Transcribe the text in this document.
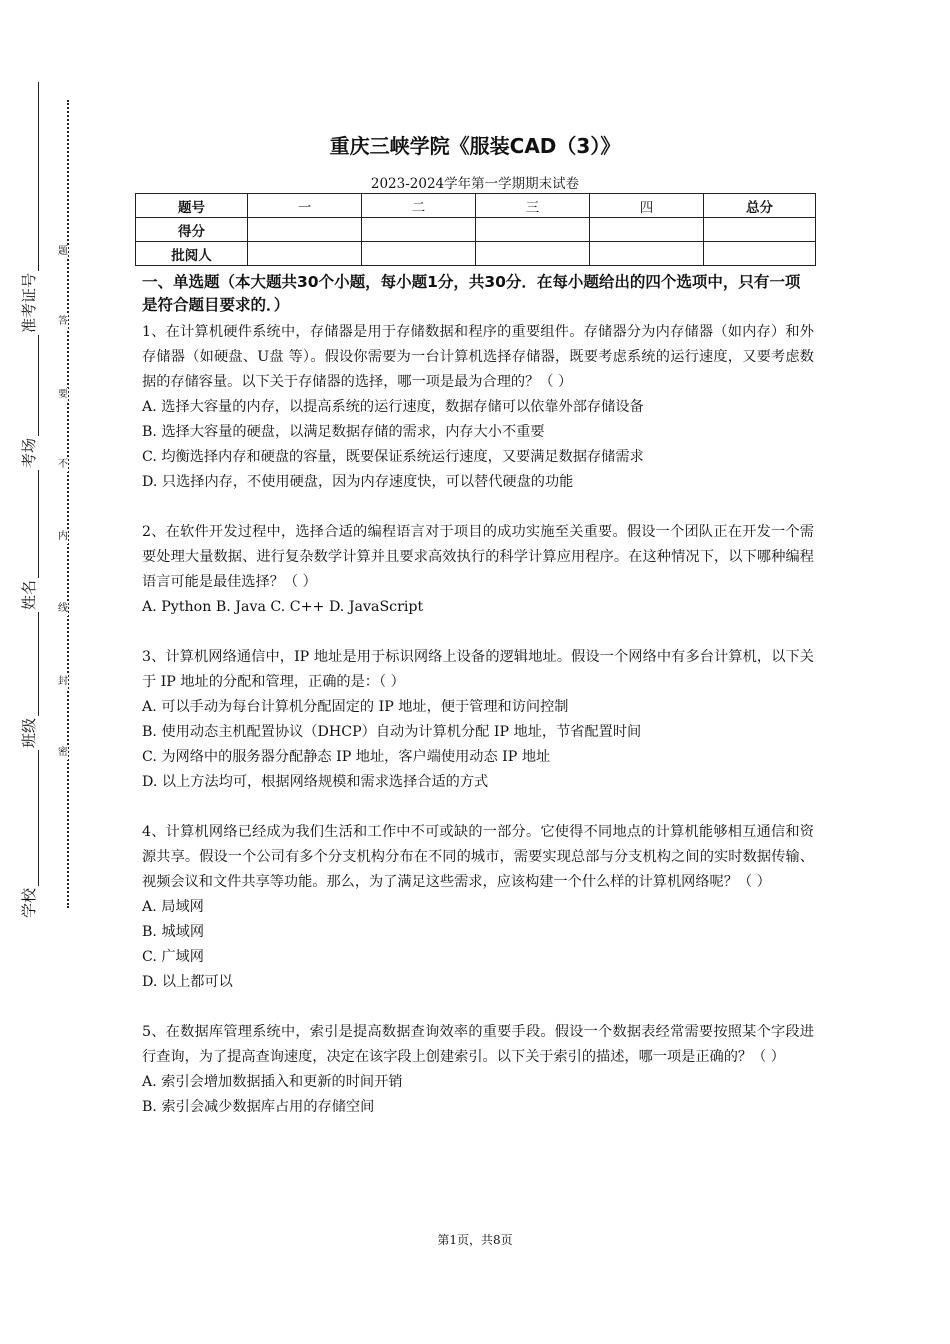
准考证号
考场
姓名
班级
学校
题
答
要
不
内
线
封
密
重庆三峡学院《服装CAD（3）》
2023-2024学年第一学期期末试卷
题号	一	二	三	四	总分
得分					
批阅人					
一、单选题（本大题共30个小题，每小题1分，共30分．在每小题给出的四个选项中，只有一项是符合题目要求的．）

1、在计算机硬件系统中，存储器是用于存储数据和程序的重要组件。存储器分为内存储器（如内存）和外存储器（如硬盘、U盘 等）。假设你需要为一台计算机选择存储器，既要考虑系统的运行速度，又要考虑数据的存储容量。以下关于存储器的选择，哪一项是最为合理的？（ ）

A. 选择大容量的内存，以提高系统的运行速度，数据存储可以依靠外部存储设备

B. 选择大容量的硬盘，以满足数据存储的需求，内存大小不重要

C. 均衡选择内存和硬盘的容量，既要保证系统运行速度，又要满足数据存储需求

D. 只选择内存，不使用硬盘，因为内存速度快，可以替代硬盘的功能

2、在软件开发过程中，选择合适的编程语言对于项目的成功实施至关重要。假设一个团队正在开发一个需要处理大量数据、进行复杂数学计算并且要求高效执行的科学计算应用程序。在这种情况下，以下哪种编程语言可能是最佳选择？（ ）

A. Python B. Java C. C++ D. JavaScript

3、计算机网络通信中，IP 地址是用于标识网络上设备的逻辑地址。假设一个网络中有多台计算机，以下关于 IP 地址的分配和管理，正确的是：（ ）

A. 可以手动为每台计算机分配固定的 IP 地址，便于管理和访问控制

B. 使用动态主机配置协议（DHCP）自动为计算机分配 IP 地址，节省配置时间

C. 为网络中的服务器分配静态 IP 地址，客户端使用动态 IP 地址

D. 以上方法均可，根据网络规模和需求选择合适的方式

4、计算机网络已经成为我们生活和工作中不可或缺的一部分。它使得不同地点的计算机能够相互通信和资源共享。假设一个公司有多个分支机构分布在不同的城市，需要实现总部与分支机构之间的实时数据传输、视频会议和文件共享等功能。那么，为了满足这些需求，应该构建一个什么样的计算机网络呢？（ ）

A. 局域网

B. 城域网

C. 广域网

D. 以上都可以

5、在数据库管理系统中，索引是提高数据查询效率的重要手段。假设一个数据表经常需要按照某个字段进行查询，为了提高查询速度，决定在该字段上创建索引。以下关于索引的描述，哪一项是正确的？（ ）

A. 索引会增加数据插入和更新的时间开销

B. 索引会减少数据库占用的存储空间

第1页，共8页
